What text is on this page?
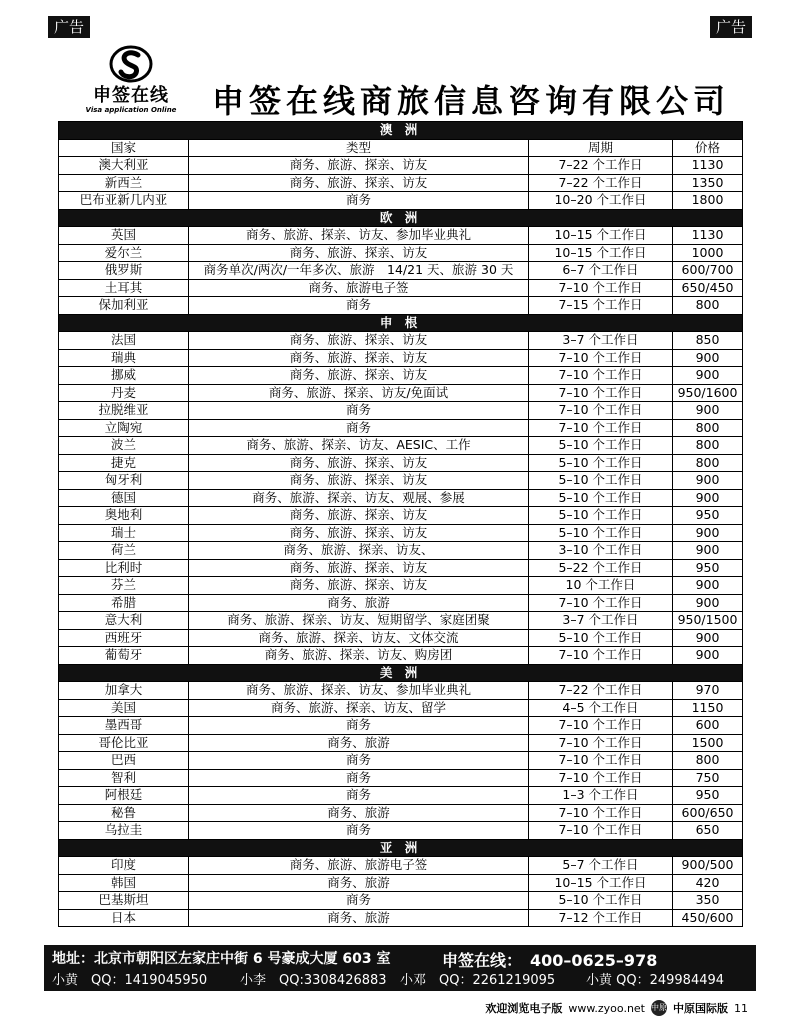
广告	广告
申签在线
Visa application Online	申签在线商旅信息咨询有限公司
澳 洲			
国家	类型	周期	价格
澳大利亚	商务、旅游、探亲、访友	7–22 个工作日	1130
新西兰	商务、旅游、探亲、访友	7–22 个工作日	1350
巴布亚新几内亚	商务	10–20 个工作日	1800
欧 洲			
英国	商务、旅游、探亲、访友、参加毕业典礼	10–15 个工作日	1130
爱尔兰	商务、旅游、探亲、访友	10–15 个工作日	1000
俄罗斯	商务单次/两次/一年多次、旅游　14/21 天、旅游 30 天	6–7 个工作日	600/700
土耳其	商务、旅游电子签	7–10 个工作日	650/450
保加利亚	商务	7–15 个工作日	800
申 根			
法国	商务、旅游、探亲、访友	3–7 个工作日	850
瑞典	商务、旅游、探亲、访友	7–10 个工作日	900
挪威	商务、旅游、探亲、访友	7–10 个工作日	900
丹麦	商务、旅游、探亲、访友/免面试	7–10 个工作日	950/1600
拉脱维亚	商务	7–10 个工作日	900
立陶宛	商务	7–10 个工作日	800
波兰	商务、旅游、探亲、访友、AESIC、工作	5–10 个工作日	800
捷克	商务、旅游、探亲、访友	5–10 个工作日	800
匈牙利	商务、旅游、探亲、访友	5–10 个工作日	900
德国	商务、旅游、探亲、访友、观展、参展	5–10 个工作日	900
奥地利	商务、旅游、探亲、访友	5–10 个工作日	950
瑞士	商务、旅游、探亲、访友	5–10 个工作日	900
荷兰	商务、旅游、探亲、访友、	3–10 个工作日	900
比利时	商务、旅游、探亲、访友	5–22 个工作日	950
芬兰	商务、旅游、探亲、访友	10 个工作日	900
希腊	商务、旅游	7–10 个工作日	900
意大利	商务、旅游、探亲、访友、短期留学、家庭团聚	3–7 个工作日	950/1500
西班牙	商务、旅游、探亲、访友、文体交流	5–10 个工作日	900
葡萄牙	商务、旅游、探亲、访友、购房团	7–10 个工作日	900
美 洲			
加拿大	商务、旅游、探亲、访友、参加毕业典礼	7–22 个工作日	970
美国	商务、旅游、探亲、访友、留学	4–5 个工作日	1150
墨西哥	商务	7–10 个工作日	600
哥伦比亚	商务、旅游	7–10 个工作日	1500
巴西	商务	7–10 个工作日	800
智利	商务	7–10 个工作日	750
阿根廷	商务	1–3 个工作日	950
秘鲁	商务、旅游	7–10 个工作日	600/650
乌拉圭	商务	7–10 个工作日	650
亚 洲			
印度	商务、旅游、旅游电子签	5–7 个工作日	900/500
韩国	商务、旅游	10–15 个工作日	420
巴基斯坦	商务	5–10 个工作日	350
日本	商务、旅游	7–12 个工作日	450/600
地址：北京市朝阳区左家庄中街 6 号豪成大厦 603 室	申签在线：　400–0625–978
小黄　QQ：1419045950	小李　QQ:3308426883 小邓　QQ：2261219095 小黄 QQ：249984494
欢迎浏览电子版 www.zyoo.net 中原 中原国际版 11
